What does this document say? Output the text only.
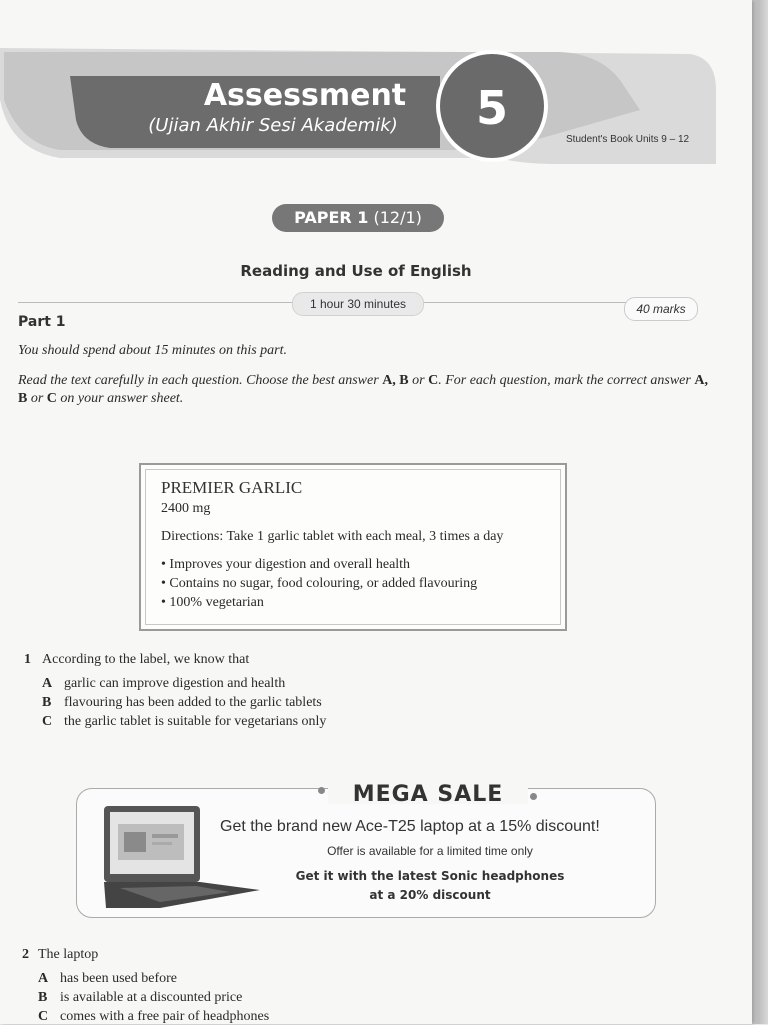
Assessment
(Ujian Akhir Sesi Akademik)	5
Student's Book Units 9 – 12
PAPER 1 (12/1)
Reading and Use of English
1 hour 30 minutes	40 marks
Part 1
You should spend about 15 minutes on this part.
Read the text carefully in each question. Choose the best answer A, B or C. For each question, mark the correct answer A, B or C on your answer sheet.
PREMIER GARLIC
2400 mg
Directions: Take 1 garlic tablet with each meal, 3 times a day
• Improves your digestion and overall health
• Contains no sugar, food colouring, or added flavouring
• 100% vegetarian
1 According to the label, we know that
A garlic can improve digestion and health
B flavouring has been added to the garlic tablets
C the garlic tablet is suitable for vegetarians only
MEGA SALE
Get the brand new Ace-T25 laptop at a 15% discount!
Offer is available for a limited time only
Get it with the latest Sonic headphones
at a 20% discount
2 The laptop
A has been used before
B is available at a discounted price
C comes with a free pair of headphones
